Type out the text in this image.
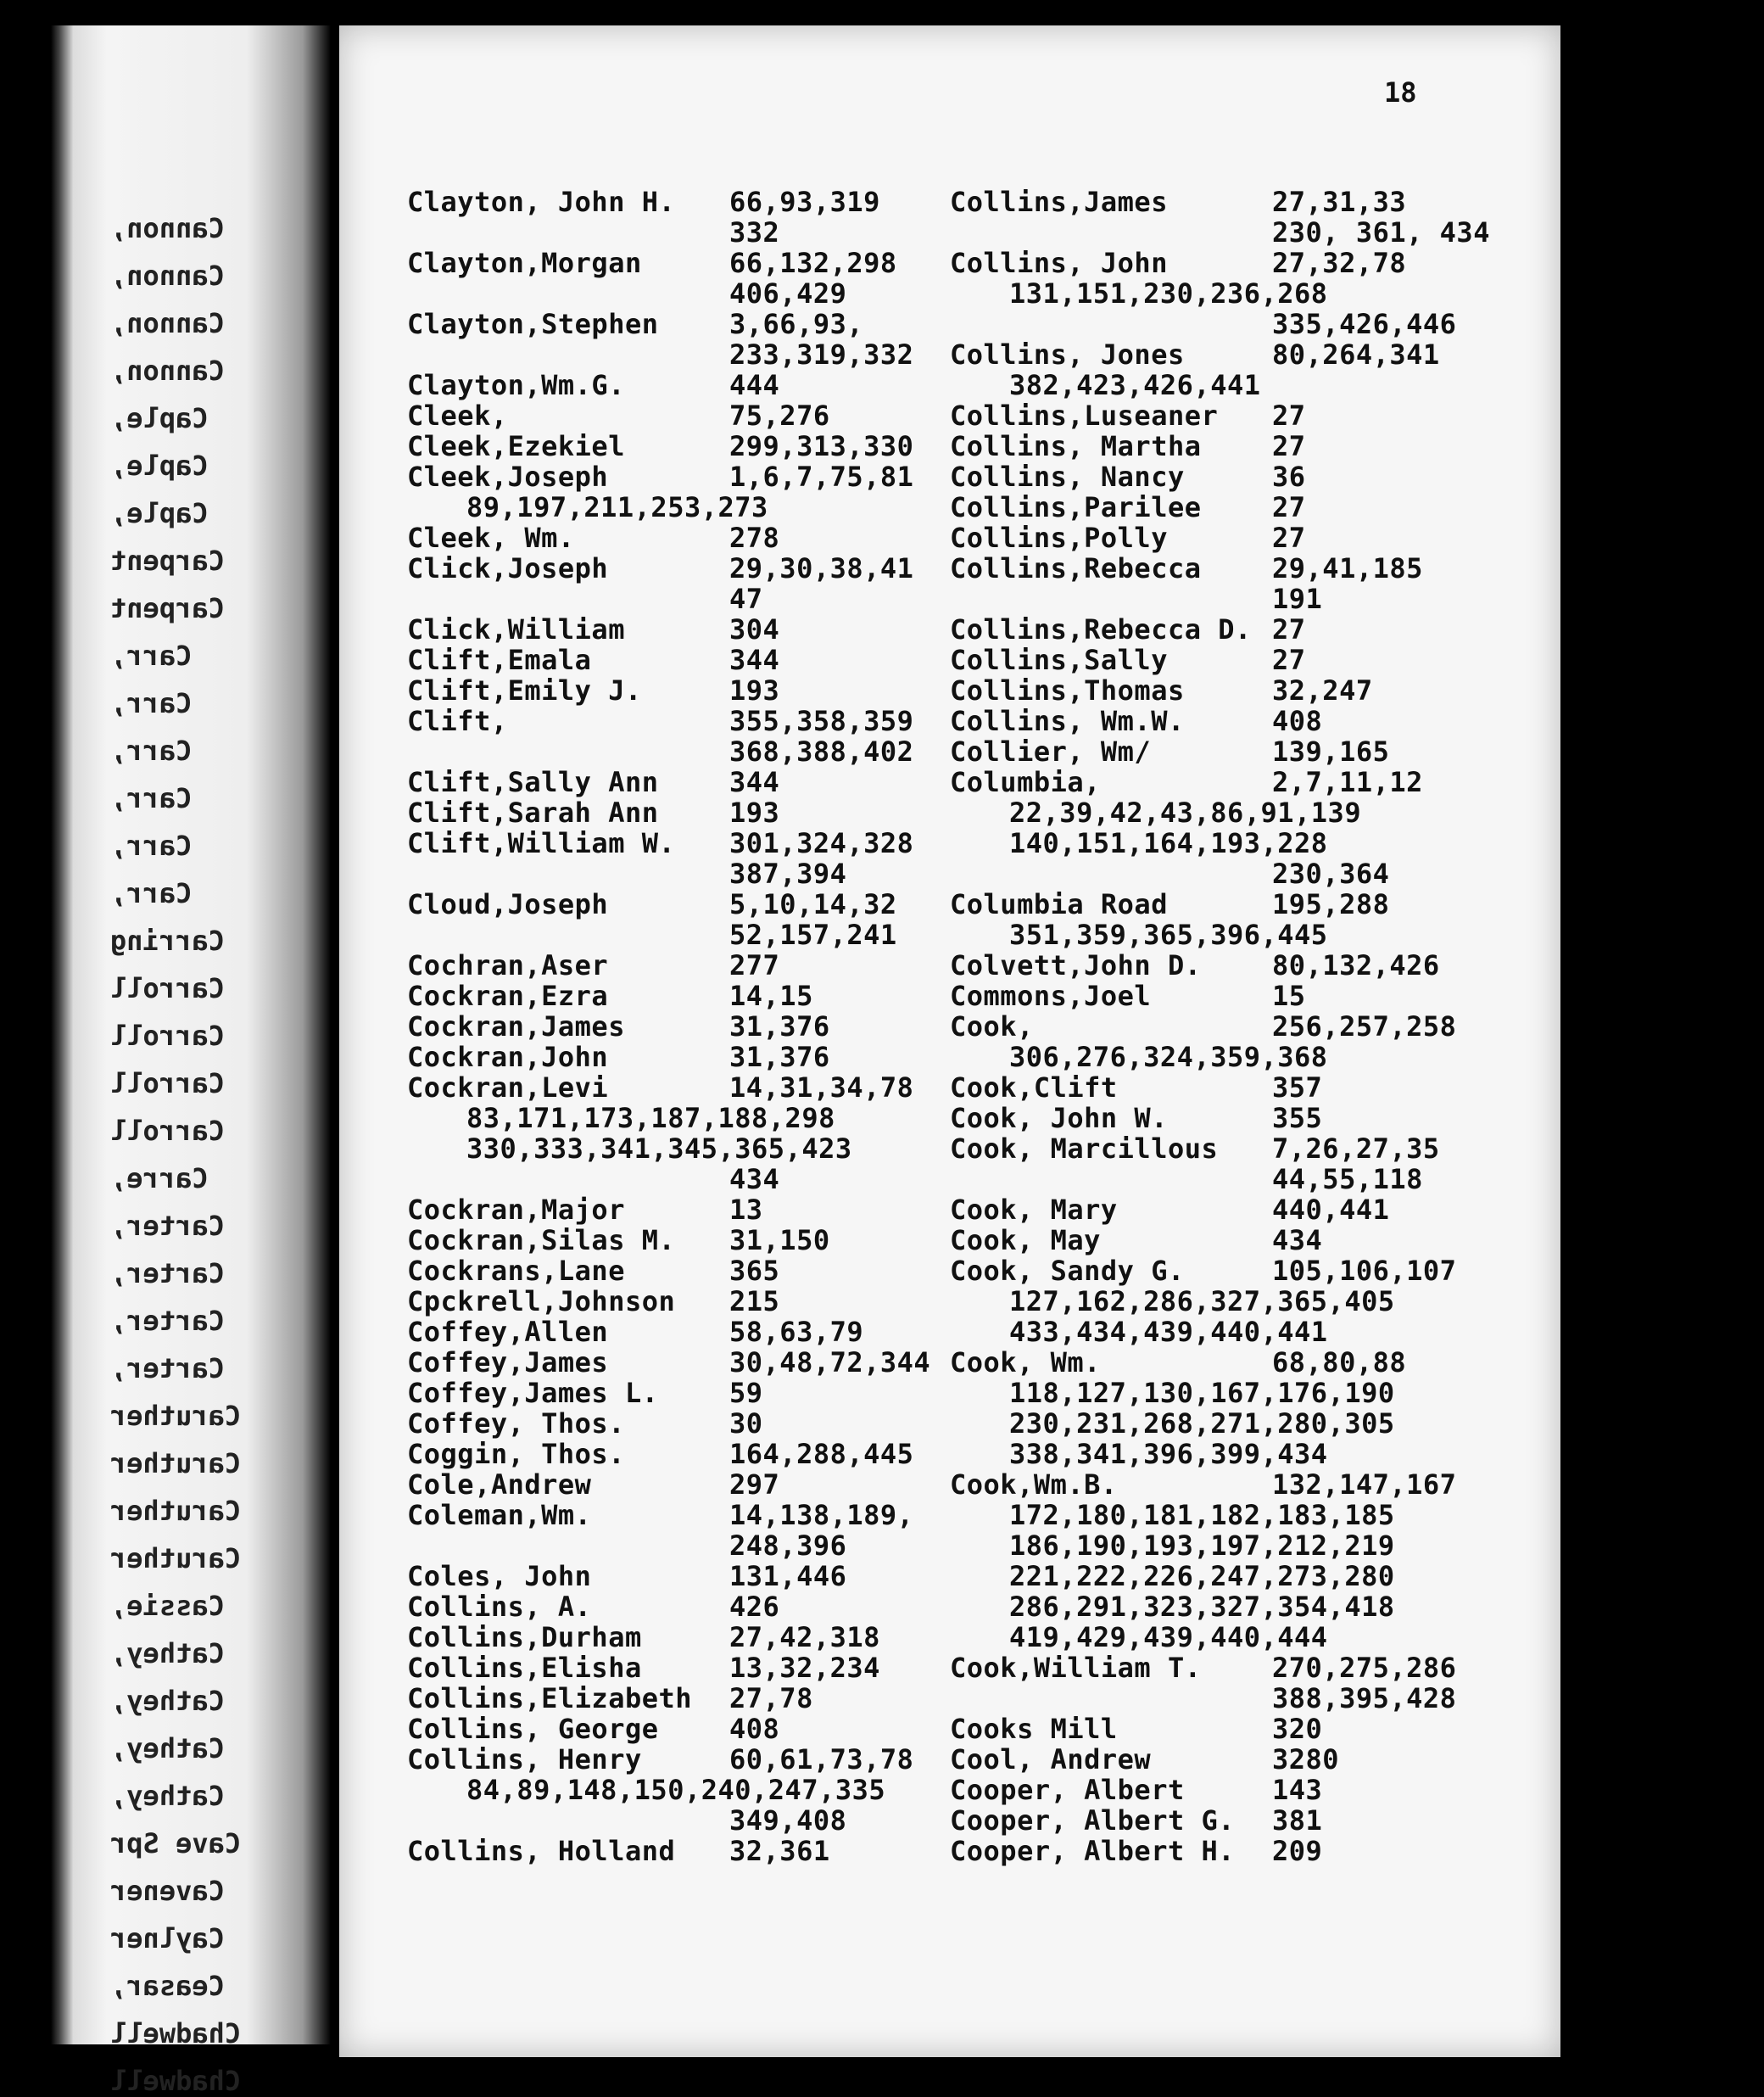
Cannon,
Cannon,
Cannon,
Cannon,
Caple,
Caple,
Caple,
Carpent
Carpent
Carr,
Carr,
Carr,
Carr,
Carr,
Carr,
Carring
Carroll
Carroll
Carroll
Carroll
Carre,
Carter,
Carter,
Carter,
Carter,
Caruther
Caruther
Caruther
Caruther
Cassie,
Cathey,
Cathey,
Cathey,
Cathey,
Cave Spr
Cavener
Caylner
Ceasar,
Chadwell
Chadwell
18
Clayton, John H.	66,93,319
332
Clayton,Morgan	66,132,298
406,429
Clayton,Stephen	3,66,93,
233,319,332
Clayton,Wm.G.	444
Cleek,	75,276
Cleek,Ezekiel	299,313,330
Cleek,Joseph	1,6,7,75,81
89,197,211,253,273
Cleek, Wm.	278
Click,Joseph	29,30,38,41
47
Click,William	304
Clift,Emala	344
Clift,Emily J.	193
Clift,	355,358,359
368,388,402
Clift,Sally Ann	344
Clift,Sarah Ann	193
Clift,William W.	301,324,328
387,394
Cloud,Joseph	5,10,14,32
52,157,241
Cochran,Aser	277
Cockran,Ezra	14,15
Cockran,James	31,376
Cockran,John	31,376
Cockran,Levi	14,31,34,78
83,171,173,187,188,298
330,333,341,345,365,423
434
Cockran,Major	13
Cockran,Silas M.	31,150
Cockrans,Lane	365
Cpckrell,Johnson	215
Coffey,Allen	58,63,79
Coffey,James	30,48,72,344
Coffey,James L.	59
Coffey, Thos.	30
Coggin, Thos.	164,288,445
Cole,Andrew	297
Coleman,Wm.	14,138,189,
248,396
Coles, John	131,446
Collins, A.	426
Collins,Durham	27,42,318
Collins,Elisha	13,32,234
Collins,Elizabeth	27,78
Collins, George	408
Collins, Henry	60,61,73,78
84,89,148,150,240,247,335
349,408
Collins, Holland	32,361
Collins,James	27,31,33
230, 361, 434
Collins, John	27,32,78
131,151,230,236,268
335,426,446
Collins, Jones	80,264,341
382,423,426,441
Collins,Luseaner	27
Collins, Martha	27
Collins, Nancy	36
Collins,Parilee	27
Collins,Polly	27
Collins,Rebecca	29,41,185
191
Collins,Rebecca D. 27
Collins,Sally	27
Collins,Thomas	32,247
Collins, Wm.W.	408
Collier, Wm/	139,165
Columbia,	2,7,11,12
22,39,42,43,86,91,139
140,151,164,193,228
230,364
Columbia Road	195,288
351,359,365,396,445
Colvett,John D.	80,132,426
Commons,Joel	15
Cook,	256,257,258
306,276,324,359,368
Cook,Clift	357
Cook, John W.	355
Cook, Marcillous	7,26,27,35
44,55,118
Cook, Mary	440,441
Cook, May	434
Cook, Sandy G.	105,106,107
127,162,286,327,365,405
433,434,439,440,441
Cook, Wm.	68,80,88
118,127,130,167,176,190
230,231,268,271,280,305
338,341,396,399,434
Cook,Wm.B.	132,147,167
172,180,181,182,183,185
186,190,193,197,212,219
221,222,226,247,273,280
286,291,323,327,354,418
419,429,439,440,444
Cook,William T.	270,275,286
388,395,428
Cooks Mill	320
Cool, Andrew	3280
Cooper, Albert	143
Cooper, Albert G.	381
Cooper, Albert H.	209
